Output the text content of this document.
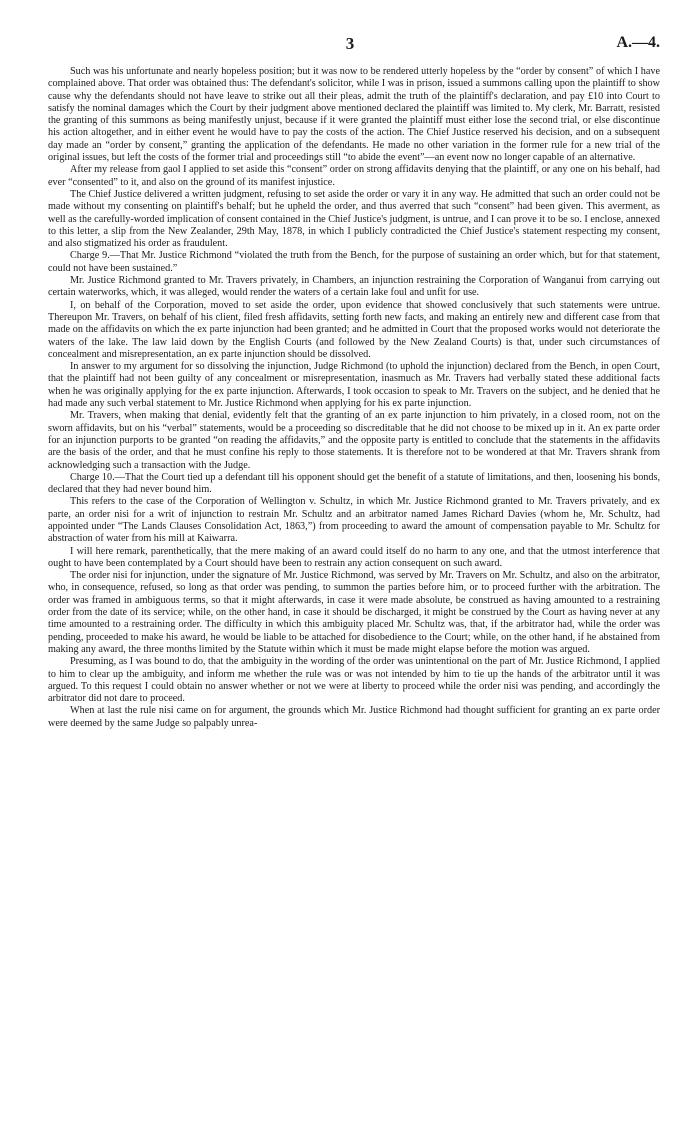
3	A.—4.

Such was his unfortunate and nearly hopeless position; but it was now to be rendered utterly hopeless by the “order by consent” of which I have complained above. That order was obtained thus: The defendant's solicitor, while I was in prison, issued a summons calling upon the plaintiff to show cause why the defendants should not have leave to strike out all their pleas, admit the truth of the plaintiff's declaration, and pay £10 into Court to satisfy the nominal damages which the Court by their judgment above mentioned declared the plaintiff was limited to. My clerk, Mr. Barratt, resisted the granting of this summons as being manifestly unjust, because if it were granted the plaintiff must either lose the second trial, or else discontinue his action altogether, and in either event he would have to pay the costs of the action. The Chief Justice reserved his decision, and on a subsequent day made an “order by consent,” granting the application of the defendants. He made no other variation in the former rule for a new trial of the original issues, but left the costs of the former trial and proceedings still “to abide the event”—an event now no longer capable of an alternative.

After my release from gaol I applied to set aside this “consent” order on strong affidavits denying that the plaintiff, or any one on his behalf, had ever “consented” to it, and also on the ground of its manifest injustice.

The Chief Justice delivered a written judgment, refusing to set aside the order or vary it in any way. He admitted that such an order could not be made without my consenting on plaintiff's behalf; but he upheld the order, and thus averred that such “consent” had been given. This averment, as well as the carefully-worded implication of consent contained in the Chief Justice's judgment, is untrue, and I can prove it to be so. I enclose, annexed to this letter, a slip from the New Zealander, 29th May, 1878, in which I publicly contradicted the Chief Justice's statement respecting my consent, and also stigmatized his order as fraudulent.

Charge 9.—That Mr. Justice Richmond “violated the truth from the Bench, for the purpose of sustaining an order which, but for that statement, could not have been sustained.”

Mr. Justice Richmond granted to Mr. Travers privately, in Chambers, an injunction restraining the Corporation of Wanganui from carrying out certain waterworks, which, it was alleged, would render the waters of a certain lake foul and unfit for use.

I, on behalf of the Corporation, moved to set aside the order, upon evidence that showed conclusively that such statements were untrue. Thereupon Mr. Travers, on behalf of his client, filed fresh affidavits, setting forth new facts, and making an entirely new and different case from that made on the affidavits on which the ex parte injunction had been granted; and he admitted in Court that the proposed works would not deteriorate the waters of the lake. The law laid down by the English Courts (and followed by the New Zealand Courts) is that, under such circumstances of concealment and misrepresentation, an ex parte injunction should be dissolved.

In answer to my argument for so dissolving the injunction, Judge Richmond (to uphold the injunction) declared from the Bench, in open Court, that the plaintiff had not been guilty of any concealment or misrepresentation, inasmuch as Mr. Travers had verbally stated these additional facts when he was originally applying for the ex parte injunction. Afterwards, I took occasion to speak to Mr. Travers on the subject, and he denied that he had made any such verbal statement to Mr. Justice Richmond when applying for his ex parte injunction.

Mr. Travers, when making that denial, evidently felt that the granting of an ex parte injunction to him privately, in a closed room, not on the sworn affidavits, but on his “verbal” statements, would be a proceeding so discreditable that he did not choose to be mixed up in it. An ex parte order for an injunction purports to be granted “on reading the affidavits,” and the opposite party is entitled to conclude that the statements in the affidavits are the basis of the order, and that he must confine his reply to those statements. It is therefore not to be wondered at that Mr. Travers shrank from acknowledging such a transaction with the Judge.

Charge 10.—That the Court tied up a defendant till his opponent should get the benefit of a statute of limitations, and then, loosening his bonds, declared that they had never bound him.

This refers to the case of the Corporation of Wellington v. Schultz, in which Mr. Justice Richmond granted to Mr. Travers privately, and ex parte, an order nisi for a writ of injunction to restrain Mr. Schultz and an arbitrator named James Richard Davies (whom he, Mr. Schultz, had appointed under “The Lands Clauses Consolidation Act, 1863,”) from proceeding to award the amount of compensation payable to Mr. Schultz for abstraction of water from his mill at Kaiwarra.

I will here remark, parenthetically, that the mere making of an award could itself do no harm to any one, and that the utmost interference that ought to have been contemplated by a Court should have been to restrain any action consequent on such award.

The order nisi for injunction, under the signature of Mr. Justice Richmond, was served by Mr. Travers on Mr. Schultz, and also on the arbitrator, who, in consequence, refused, so long as that order was pending, to summon the parties before him, or to proceed further with the arbitration. The order was framed in ambiguous terms, so that it might afterwards, in case it were made absolute, be construed as having amounted to a restraining order from the date of its service; while, on the other hand, in case it should be discharged, it might be construed by the Court as having never at any time amounted to a restraining order. The difficulty in which this ambiguity placed Mr. Schultz was, that, if the arbitrator had, while the order was pending, proceeded to make his award, he would be liable to be attached for disobedience to the Court; while, on the other hand, if he abstained from making any award, the three months limited by the Statute within which it must be made might elapse before the motion was argued.

Presuming, as I was bound to do, that the ambiguity in the wording of the order was unintentional on the part of Mr. Justice Richmond, I applied to him to clear up the ambiguity, and inform me whether the rule was or was not intended by him to tie up the hands of the arbitrator until it was argued. To this request I could obtain no answer whether or not we were at liberty to proceed while the order nisi was pending, and accordingly the arbitrator did not dare to proceed.

When at last the rule nisi came on for argument, the grounds which Mr. Justice Richmond had thought sufficient for granting an ex parte order were deemed by the same Judge so palpably unrea-
